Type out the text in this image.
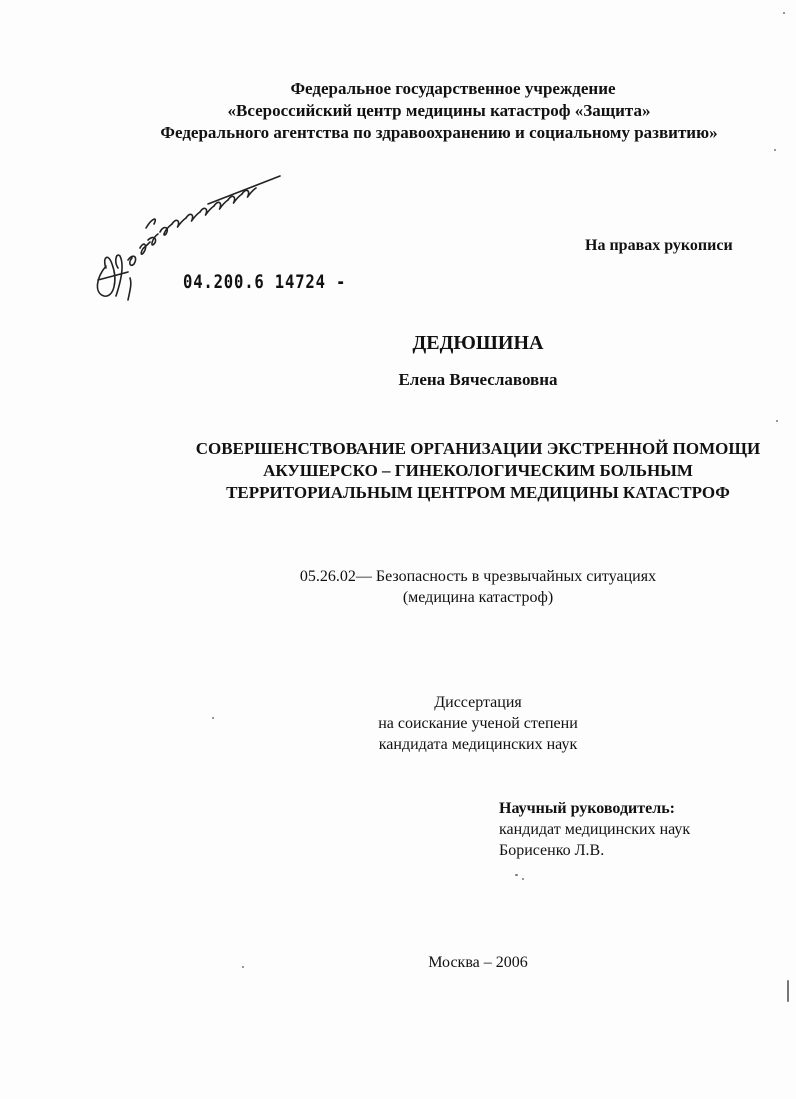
Федеральное государственное учреждение
«Всероссийский центр медицины катастроф «Защита»
Федерального агентства по здравоохранению и социальному развитию»
На правах рукописи
04.200.6 14724 -
ДЕДЮШИНА
Елена Вячеславовна
СОВЕРШЕНСТВОВАНИЕ ОРГАНИЗАЦИИ ЭКСТРЕННОЙ ПОМОЩИ
АКУШЕРСКО – ГИНЕКОЛОГИЧЕСКИМ БОЛЬНЫМ
ТЕРРИТОРИАЛЬНЫМ ЦЕНТРОМ МЕДИЦИНЫ КАТАСТРОФ
05.26.02— Безопасность в чрезвычайных ситуациях
(медицина катастроф)
Диссертация
на соискание ученой степени
кандидата медицинских наук
Научный руководитель:
кандидат медицинских наук
Борисенко Л.В.
Москва – 2006
